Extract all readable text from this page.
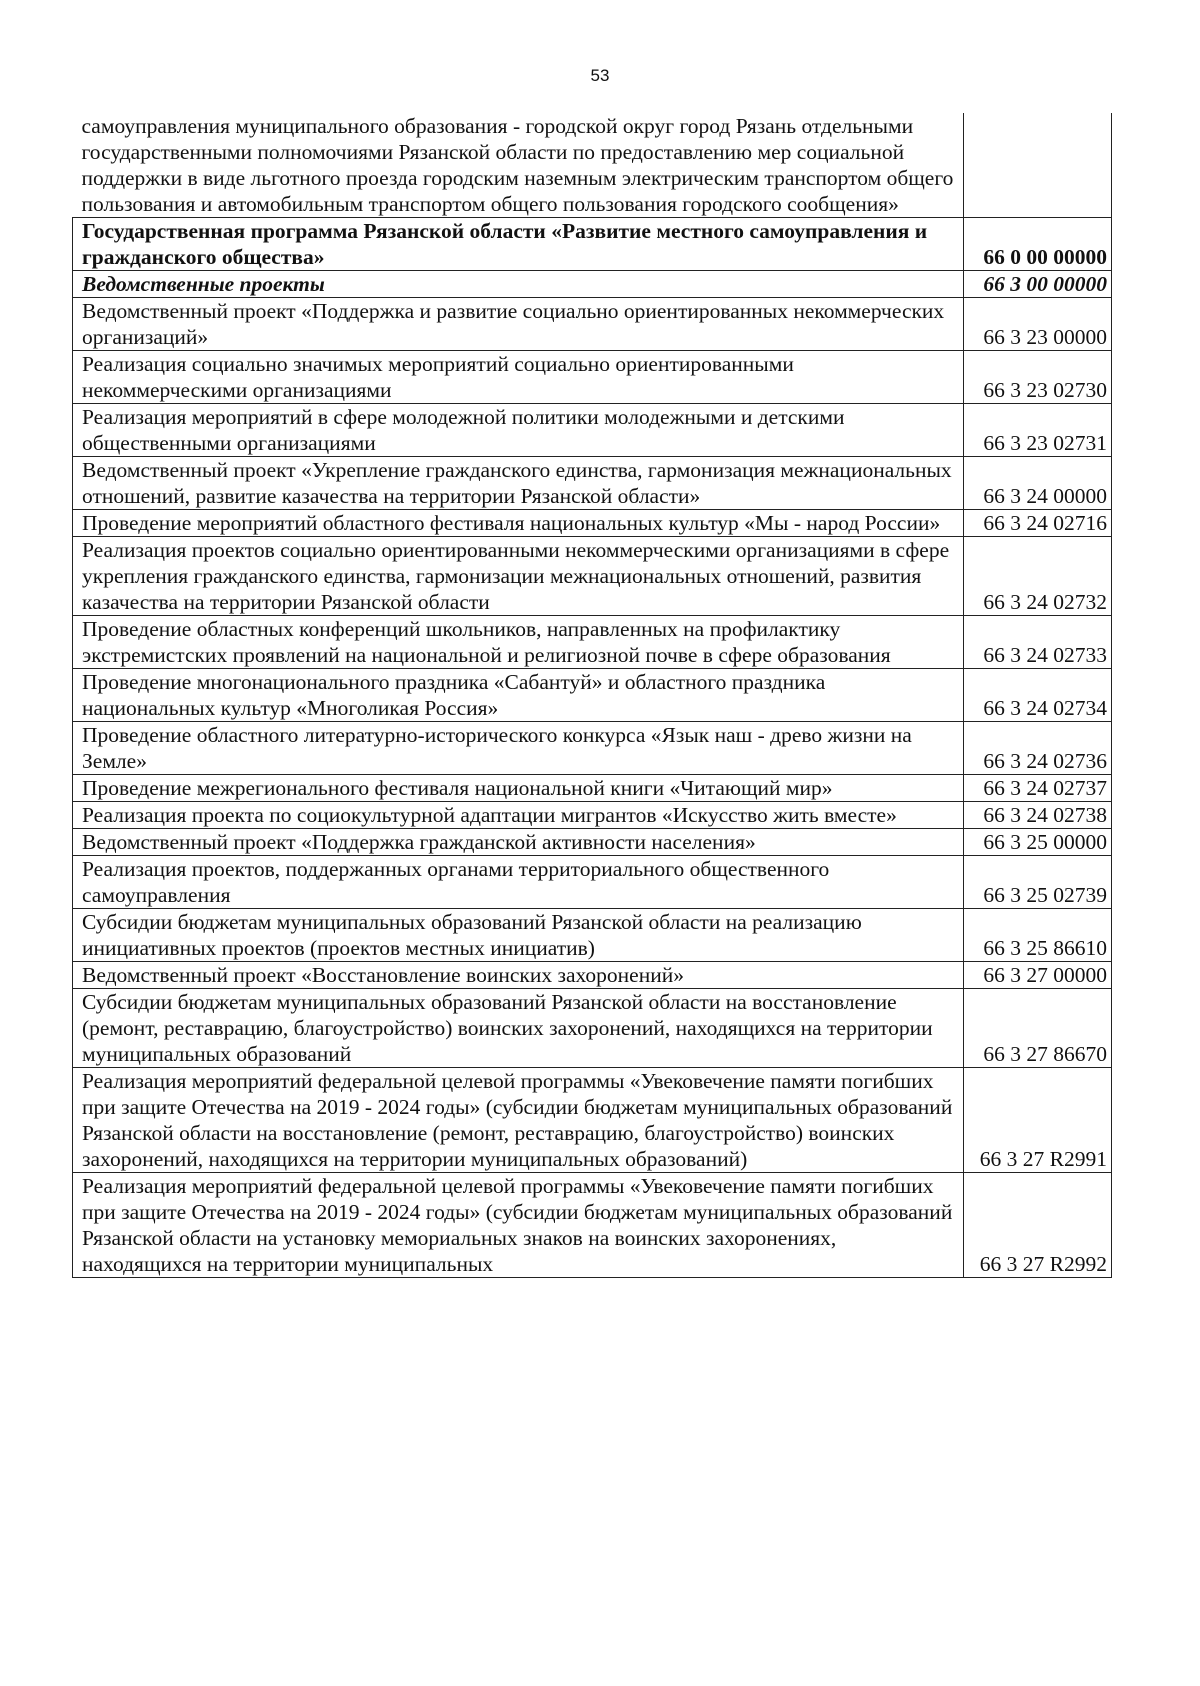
53
самоуправления муниципального образования - городской округ город Рязань отдельными государственными полномочиями Рязанской области по предоставлению мер социальной поддержки в виде льготного проезда городским наземным электрическим транспортом общего пользования и автомобильным транспортом общего пользования городского сообщения»	
Государственная программа Рязанской области «Развитие местного самоуправления и гражданского общества»	66 0 00 00000
Ведомственные проекты	66 3 00 00000
Ведомственный проект «Поддержка и развитие социально ориентированных некоммерческих организаций»	66 3 23 00000
Реализация социально значимых мероприятий социально ориентированными некоммерческими организациями	66 3 23 02730
Реализация мероприятий в сфере молодежной политики молодежными и детскими общественными организациями	66 3 23 02731
Ведомственный проект «Укрепление гражданского единства, гармонизация межнациональных отношений, развитие казачества на территории Рязанской области»	66 3 24 00000
Проведение мероприятий областного фестиваля национальных культур «Мы - народ России»	66 3 24 02716
Реализация проектов социально ориентированными некоммерческими организациями в сфере укрепления гражданского единства, гармонизации межнациональных отношений, развития казачества на территории Рязанской области	66 3 24 02732
Проведение областных конференций школьников, направленных на профилактику экстремистских проявлений на национальной и религиозной почве в сфере образования	66 3 24 02733
Проведение многонационального праздника «Сабантуй» и областного праздника национальных культур «Многоликая Россия»	66 3 24 02734
Проведение областного литературно-исторического конкурса «Язык наш - древо жизни на Земле»	66 3 24 02736
Проведение межрегионального фестиваля национальной книги «Читающий мир»	66 3 24 02737
Реализация проекта по социокультурной адаптации мигрантов «Искусство жить вместе»	66 3 24 02738
Ведомственный проект «Поддержка гражданской активности населения»	66 3 25 00000
Реализация проектов, поддержанных органами территориального общественного самоуправления	66 3 25 02739
Субсидии бюджетам муниципальных образований Рязанской области на реализацию инициативных проектов (проектов местных инициатив)	66 3 25 86610
Ведомственный проект «Восстановление воинских захоронений»	66 3 27 00000
Субсидии бюджетам муниципальных образований Рязанской области на восстановление (ремонт, реставрацию, благоустройство) воинских захоронений, находящихся на территории муниципальных образований	66 3 27 86670
Реализация мероприятий федеральной целевой программы «Увековечение памяти погибших при защите Отечества на 2019 - 2024 годы» (субсидии бюджетам муниципальных образований Рязанской области на восстановление (ремонт, реставрацию, благоустройство) воинских захоронений, находящихся на территории муниципальных образований)	66 3 27 R2991
Реализация мероприятий федеральной целевой программы «Увековечение памяти погибших при защите Отечества на 2019 - 2024 годы» (субсидии бюджетам муниципальных образований Рязанской области на установку мемориальных знаков на воинских захоронениях, находящихся на территории муниципальных	66 3 27 R2992
